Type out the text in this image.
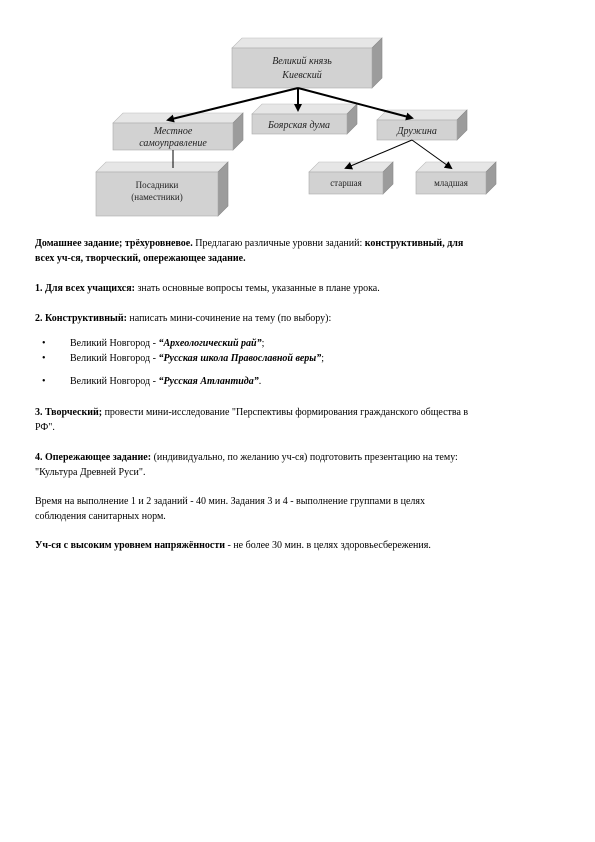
Великий князь
Киевский
Местное
самоуправление
Боярская дума
Дружина
Посадники
(наместники)
старшая	младшая
Домашнее задание; трёхуровневое. Предлагаю различные уровни заданий: конструктивный, для
всех уч-ся, творческий, опережающее задание.
1. Для всех учащихся: знать основные вопросы темы, указанные в плане урока.
2. Конструктивный: написать мини-сочинение на тему (по выбору):
• Великий Новгород - “Археологический рай”;
• Великий Новгород - “Русская школа Православной веры”;
• Великий Новгород - “Русская Атлантида”.
3. Творческий; провести мини-исследование "Перспективы формирования гражданского общества в
РФ".
4. Опережающее задание: (индивидуально, по желанию уч-ся) подготовить презентацию на тему:
"Культура Древней Руси".
Время на выполнение 1 и 2 заданий - 40 мин. Задания 3 и 4 - выполнение группами в целях
соблюдения санитарных норм.
Уч-ся с высоким уровнем напряжённости - не более 30 мин. в целях здоровьесбережения.
